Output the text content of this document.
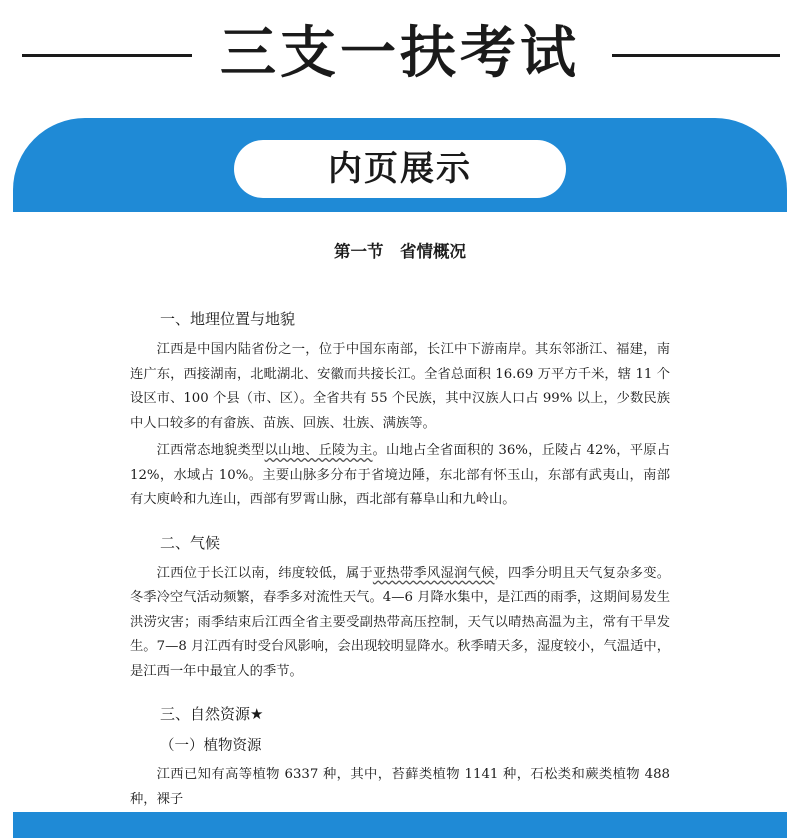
三支一扶考试
内页展示
第一节　省情概况
一、地理位置与地貌

江西是中国内陆省份之一，位于中国东南部，长江中下游南岸。其东邻浙江、福建，南连广东，西接湖南，北毗湖北、安徽而共接长江。全省总面积 16.69 万平方千米，辖 11 个设区市、100 个县（市、区）。全省共有 55 个民族，其中汉族人口占 99% 以上，少数民族中人口较多的有畲族、苗族、回族、壮族、满族等。

江西常态地貌类型以山地、丘陵为主。山地占全省面积的 36%，丘陵占 42%，平原占 12%，水域占 10%。主要山脉多分布于省境边陲，东北部有怀玉山，东部有武夷山，南部有大庾岭和九连山，西部有罗霄山脉，西北部有幕阜山和九岭山。

二、气候

江西位于长江以南，纬度较低，属于亚热带季风湿润气候，四季分明且天气复杂多变。冬季冷空气活动频繁，春季多对流性天气。4—6 月降水集中，是江西的雨季，这期间易发生洪涝灾害；雨季结束后江西全省主要受副热带高压控制，天气以晴热高温为主，常有干旱发生。7—8 月江西有时受台风影响，会出现较明显降水。秋季晴天多，湿度较小，气温适中，是江西一年中最宜人的季节。

三、自然资源★
（一）植物资源

江西已知有高等植物 6337 种，其中，苔藓类植物 1141 种，石松类和蕨类植物 488 种，裸子
